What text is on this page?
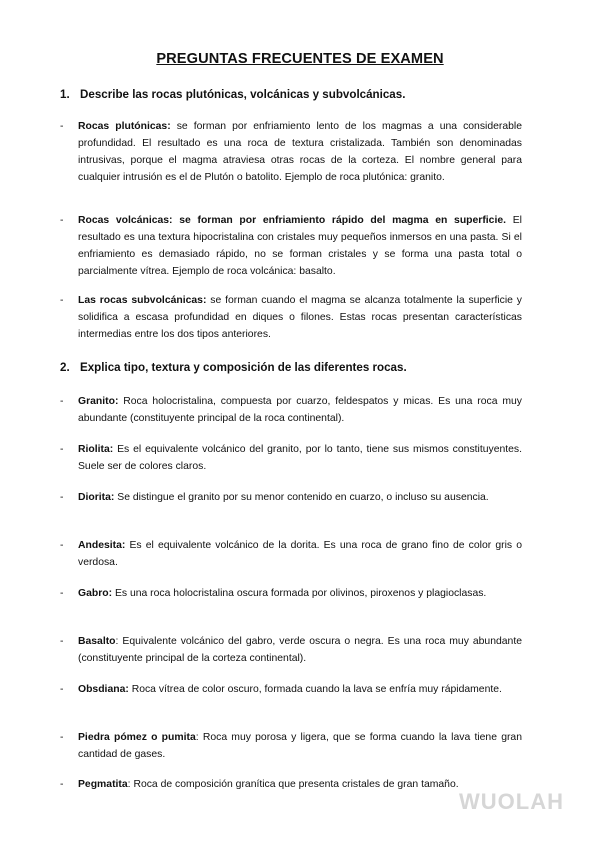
PREGUNTAS FRECUENTES DE EXAMEN
1. Describe las rocas plutónicas, volcánicas y subvolcánicas.
- Rocas plutónicas: se forman por enfriamiento lento de los magmas a una considerable profundidad. El resultado es una roca de textura cristalizada. También son denominadas intrusivas, porque el magma atraviesa otras rocas de la corteza. El nombre general para cualquier intrusión es el de Plutón o batolito. Ejemplo de roca plutónica: granito.
- Rocas volcánicas: se forman por enfriamiento rápido del magma en superficie. El resultado es una textura hipocristalina con cristales muy pequeños inmersos en una pasta. Si el enfriamiento es demasiado rápido, no se forman cristales y se forma una pasta total o parcialmente vítrea. Ejemplo de roca volcánica: basalto.
- Las rocas subvolcánicas: se forman cuando el magma se alcanza totalmente la superficie y solidifica a escasa profundidad en diques o filones. Estas rocas presentan características intermedias entre los dos tipos anteriores.
2. Explica tipo, textura y composición de las diferentes rocas.
- Granito: Roca holocristalina, compuesta por cuarzo, feldespatos y micas. Es una roca muy abundante (constituyente principal de la roca continental).
- Riolita: Es el equivalente volcánico del granito, por lo tanto, tiene sus mismos constituyentes. Suele ser de colores claros.
- Diorita: Se distingue el granito por su menor contenido en cuarzo, o incluso su ausencia.
- Andesita: Es el equivalente volcánico de la dorita. Es una roca de grano fino de color gris o verdosa.
- Gabro: Es una roca holocristalina oscura formada por olivinos, piroxenos y plagioclasas.
- Basalto: Equivalente volcánico del gabro, verde oscura o negra. Es una roca muy abundante (constituyente principal de la corteza continental).
- Obsdiana: Roca vítrea de color oscuro, formada cuando la lava se enfría muy rápidamente.
- Piedra pómez o pumita: Roca muy porosa y ligera, que se forma cuando la lava tiene gran cantidad de gases.
- Pegmatita: Roca de composición granítica que presenta cristales de gran tamaño.
WUOLAH
